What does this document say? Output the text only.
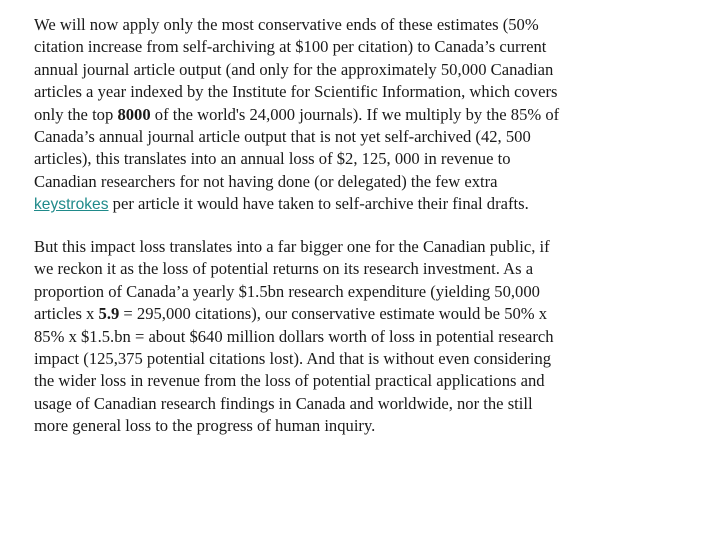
We will now apply only the most conservative ends of these estimates (50%
citation increase from self-archiving at $100 per citation) to Canada’s current
annual journal article output (and only for the approximately 50,000 Canadian
articles a year indexed by the Institute for Scientific Information, which covers
only the top 8000 of the world's 24,000 journals). If we multiply by the 85% of
Canada’s annual journal article output that is not yet self-archived (42, 500
articles), this translates into an annual loss of $2, 125, 000 in revenue to
Canadian researchers for not having done (or delegated) the few extra
keystrokes per article it would have taken to self-archive their final drafts.

But this impact loss translates into a far bigger one for the Canadian public, if
we reckon it as the loss of potential returns on its research investment. As a
proportion of Canada’a yearly $1.5bn research expenditure (yielding 50,000
articles x 5.9 = 295,000 citations), our conservative estimate would be 50% x
85% x $1.5.bn = about $640 million dollars worth of loss in potential research
impact (125,375 potential citations lost). And that is without even considering
the wider loss in revenue from the loss of potential practical applications and
usage of Canadian research findings in Canada and worldwide, nor the still
more general loss to the progress of human inquiry.
